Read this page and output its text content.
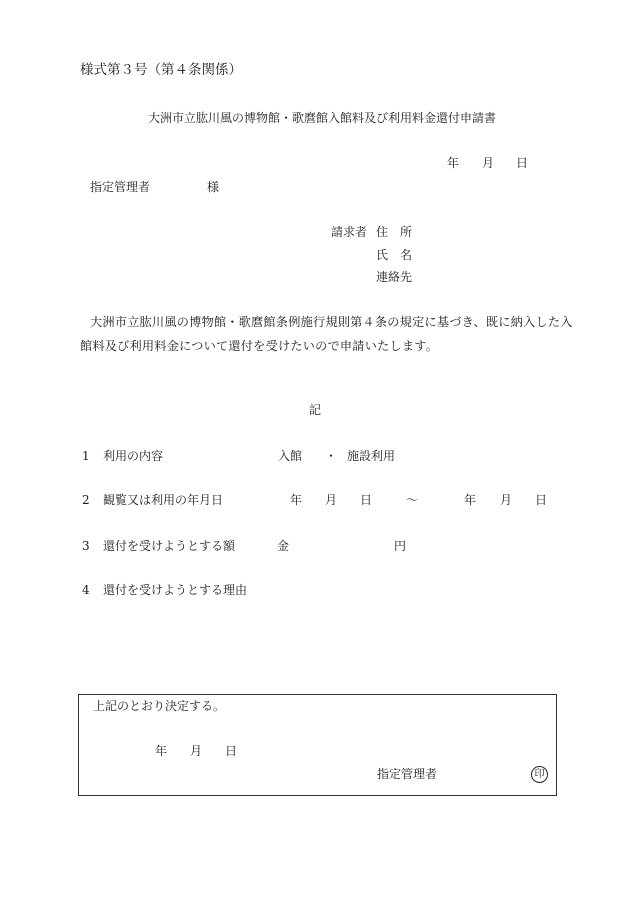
様式第３号（第４条関係）
大洲市立肱川風の博物館・歌麿館入館料及び利用料金還付申請書
年 月 日
指定管理者	様
請求者 住　所
氏　名
連絡先
大洲市立肱川風の博物館・歌麿館条例施行規則第４条の規定に基づき、既に納入した入
館料及び利用料金について還付を受けたいので申請いたします。
記
1 利用の内容	入館 ・ 施設利用
2 観覧又は利用の年月日	年 月 日	～	年 月 日
3 還付を受けようとする額	金	円
4 還付を受けようとする理由
上記のとおり決定する。
年 月 日
指定管理者	印
